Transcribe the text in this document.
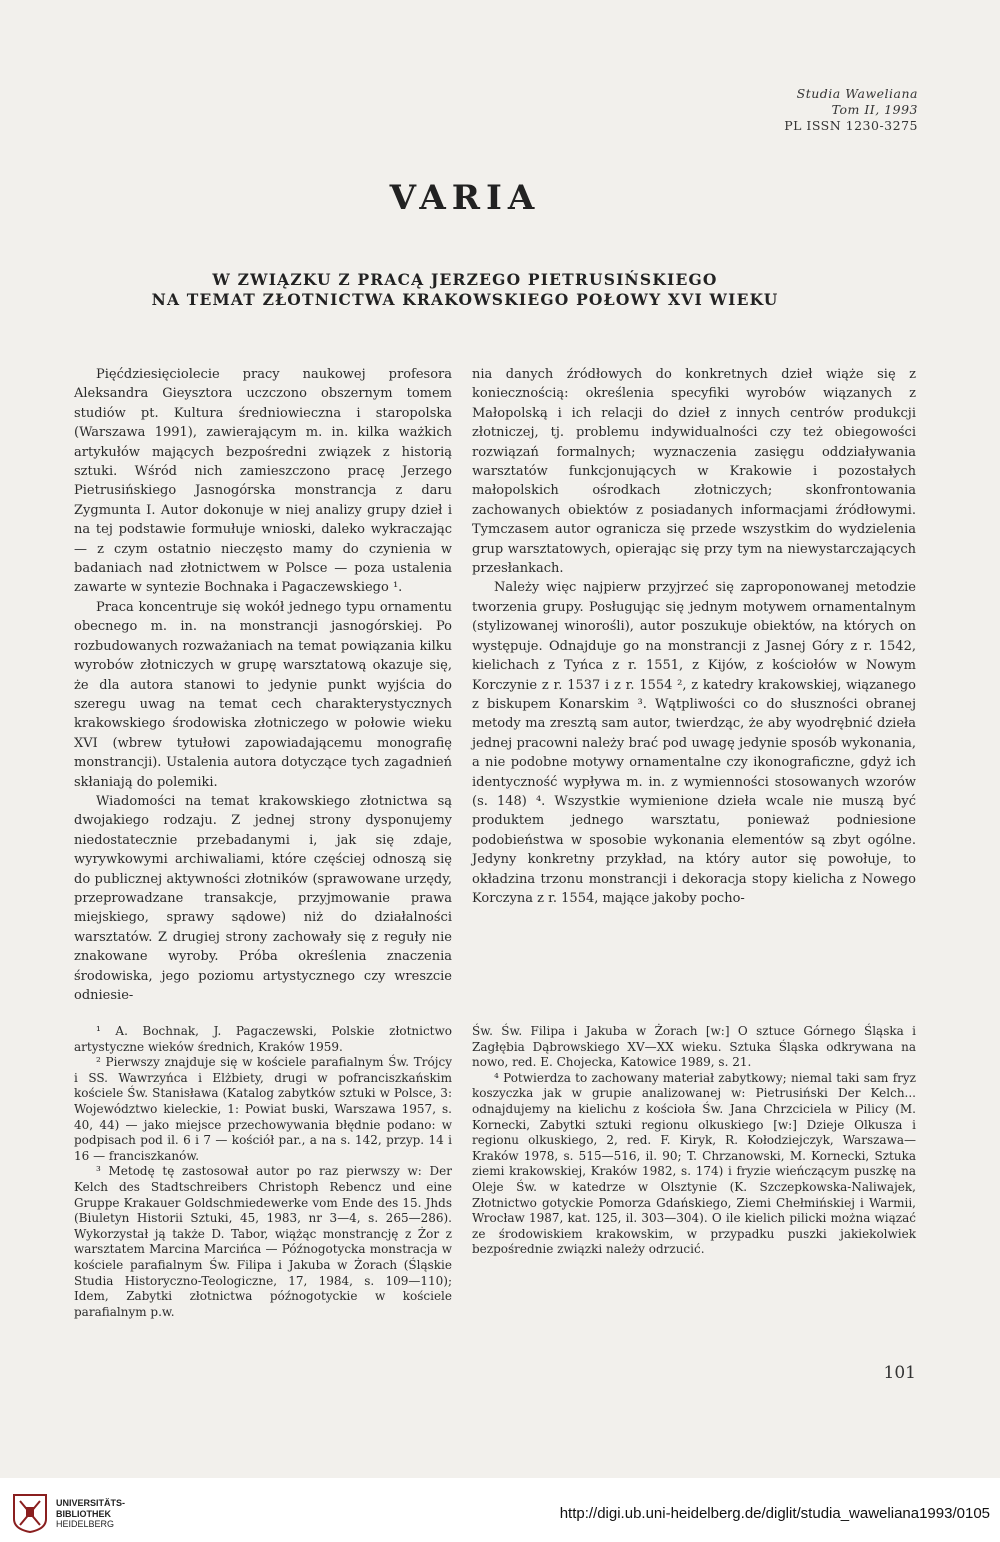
Studia Waweliana
Tom II, 1993
PL ISSN 1230-3275
VARIA
W ZWIĄZKU Z PRACĄ JERZEGO PIETRUSIŃSKIEGO
NA TEMAT ZŁOTNICTWA KRAKOWSKIEGO POŁOWY XVI WIEKU

Pięćdziesięciolecie pracy naukowej profesora Aleksandra Gieysztora uczczono obszernym tomem studiów pt. Kultura średniowieczna i staropolska (Warszawa 1991), zawierającym m. in. kilka ważkich artykułów mających bezpośredni związek z historią sztuki. Wśród nich zamieszczono pracę Jerzego Pietrusińskiego Jasnogórska monstrancja z daru Zygmunta I. Autor dokonuje w niej analizy grupy dzieł i na tej podstawie formułuje wnioski, daleko wykraczając — z czym ostatnio nieczęsto mamy do czynienia w badaniach nad złotnictwem w Polsce — poza ustalenia zawarte w syntezie Bochnaka i Pagaczewskiego ¹.

Praca koncentruje się wokół jednego typu ornamentu obecnego m. in. na monstrancji jasnogórskiej. Po rozbudowanych rozważaniach na temat powiązania kilku wyrobów złotniczych w grupę warsztatową okazuje się, że dla autora stanowi to jedynie punkt wyjścia do szeregu uwag na temat cech charakterystycznych krakowskiego środowiska złotniczego w połowie wieku XVI (wbrew tytułowi zapowiadającemu monografię monstrancji). Ustalenia autora dotyczące tych zagadnień skłaniają do polemiki.

Wiadomości na temat krakowskiego złotnictwa są dwojakiego rodzaju. Z jednej strony dysponujemy niedostatecznie przebadanymi i, jak się zdaje, wyrywkowymi archiwaliami, które częściej odnoszą się do publicznej aktywności złotników (sprawowane urzędy, przeprowadzane transakcje, przyjmowanie prawa miejskiego, sprawy sądowe) niż do działalności warsztatów. Z drugiej strony zachowały się z reguły nie znakowane wyroby. Próba określenia znaczenia środowiska, jego poziomu artystycznego czy wreszcie odniesie-

nia danych źródłowych do konkretnych dzieł wiąże się z koniecznością: określenia specyfiki wyrobów wiązanych z Małopolską i ich relacji do dzieł z innych centrów produkcji złotniczej, tj. problemu indywidualności czy też obiegowości rozwiązań formalnych; wyznaczenia zasięgu oddziaływania warsztatów funkcjonujących w Krakowie i pozostałych małopolskich ośrodkach złotniczych; skonfrontowania zachowanych obiektów z posiadanych informacjami źródłowymi. Tymczasem autor ogranicza się przede wszystkim do wydzielenia grup warsztatowych, opierając się przy tym na niewystarczających przesłankach.

Należy więc najpierw przyjrzeć się zaproponowanej metodzie tworzenia grupy. Posługując się jednym motywem ornamentalnym (stylizowanej winorośli), autor poszukuje obiektów, na których on występuje. Odnajduje go na monstrancji z Jasnej Góry z r. 1542, kielichach z Tyńca z r. 1551, z Kijów, z kościołów w Nowym Korczynie z r. 1537 i z r. 1554 ², z katedry krakowskiej, wiązanego z biskupem Konarskim ³. Wątpliwości co do słuszności obranej metody ma zresztą sam autor, twierdząc, że aby wyodrębnić dzieła jednej pracowni należy brać pod uwagę jedynie sposób wykonania, a nie podobne motywy ornamentalne czy ikonograficzne, gdyż ich identyczność wypływa m. in. z wymienności stosowanych wzorów (s. 148) ⁴. Wszystkie wymienione dzieła wcale nie muszą być produktem jednego warsztatu, ponieważ podniesione podobieństwa w sposobie wykonania elementów są zbyt ogólne. Jedyny konkretny przykład, na który autor się powołuje, to okładzina trzonu monstrancji i dekoracja stopy kielicha z Nowego Korczyna z r. 1554, mające jakoby pocho-

¹ A. Bochnak, J. Pagaczewski, Polskie złotnictwo artystyczne wieków średnich, Kraków 1959.

² Pierwszy znajduje się w kościele parafialnym Św. Trójcy i SS. Wawrzyńca i Elżbiety, drugi w pofranciszkańskim kościele Św. Stanisława (Katalog zabytków sztuki w Polsce, 3: Województwo kieleckie, 1: Powiat buski, Warszawa 1957, s. 40, 44) — jako miejsce przechowywania błędnie podano: w podpisach pod il. 6 i 7 — kościół par., a na s. 142, przyp. 14 i 16 — franciszkanów.

³ Metodę tę zastosował autor po raz pierwszy w: Der Kelch des Stadtschreibers Christoph Rebencz und eine Gruppe Krakauer Goldschmiedewerke vom Ende des 15. Jhds (Biuletyn Historii Sztuki, 45, 1983, nr 3—4, s. 265—286). Wykorzystał ją także D. Tabor, wiążąc monstrancję z Żor z warsztatem Marcina Marcińca — Późnogotycka monstracja w kościele parafialnym Św. Filipa i Jakuba w Żorach (Śląskie Studia Historyczno-Teologiczne, 17, 1984, s. 109—110); Idem, Zabytki złotnictwa późnogotyckie w kościele parafialnym p.w.

Św. Św. Filipa i Jakuba w Żorach [w:] O sztuce Górnego Śląska i Zagłębia Dąbrowskiego XV—XX wieku. Sztuka Śląska odkrywana na nowo, red. E. Chojecka, Katowice 1989, s. 21.

⁴ Potwierdza to zachowany materiał zabytkowy; niemal taki sam fryz koszyczka jak w grupie analizowanej w: Pietrusiński Der Kelch... odnajdujemy na kielichu z kościoła Św. Jana Chrzciciela w Pilicy (M. Kornecki, Zabytki sztuki regionu olkuskiego [w:] Dzieje Olkusza i regionu olkuskiego, 2, red. F. Kiryk, R. Kołodziejczyk, Warszawa—Kraków 1978, s. 515—516, il. 90; T. Chrzanowski, M. Kornecki, Sztuka ziemi krakowskiej, Kraków 1982, s. 174) i fryzie wieńczącym puszkę na Oleje Św. w katedrze w Olsztynie (K. Szczepkowska-Naliwajek, Złotnictwo gotyckie Pomorza Gdańskiego, Ziemi Chełmińskiej i Warmii, Wrocław 1987, kat. 125, il. 303—304). O ile kielich pilicki można wiązać ze środowiskiem krakowskim, w przypadku puszki jakiekolwiek bezpośrednie związki należy odrzucić.

101
UNIVERSITÄTS-
BIBLIOTHEK
HEIDELBERG
http://digi.ub.uni-heidelberg.de/diglit/studia_waweliana1993/0105
